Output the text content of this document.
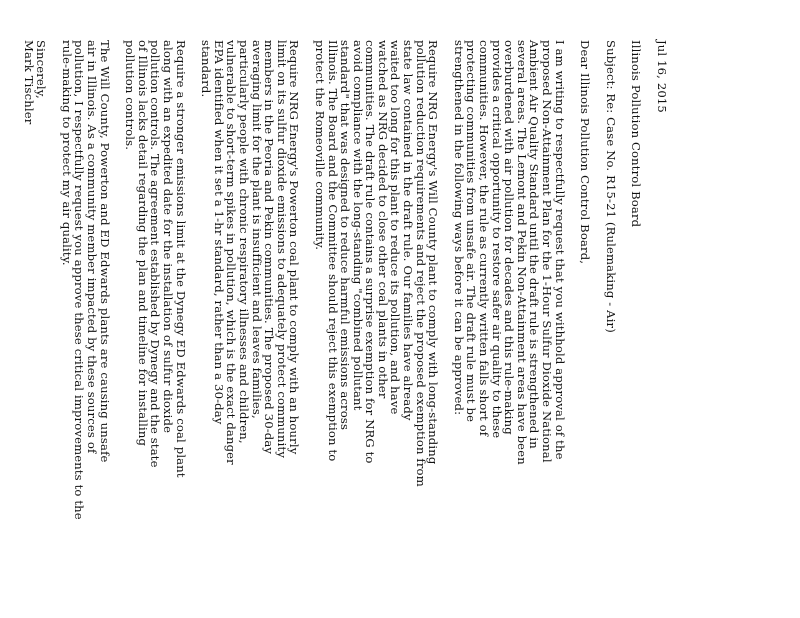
Jul 16, 2015
Illinois Pollution Control Board
Subject: Re: Case No. R15-21 (Rulemaking - Air)
Dear Illinois Pollution Control Board,
I am writing to respectfully request that you withhold approval of the
proposed Non-Attainment Plan for the 1-Hour Sulfur Dioxide National
Ambient Air Quality Standard until the draft rule is strengthened in
several areas. The Lemont and Pekin Non-Attainment areas have been
overburdened with air pollution for decades and this rule-making
provides a critical opportunity to restore safer air quality to these
communities. However, the rule as currently written falls short of
protecting communities from unsafe air. The draft rule must be
strengthened in the following ways before it can be approved:
Require NRG Energy's Will County plant to comply with long-standing
pollution reduction requirements and reject the proposed exemption from
state law contained in the draft rule. Our families have already
waited too long for this plant to reduce its pollution, and have
watched as NRG decided to close other coal plants in other
communities. The draft rule contains a surprise exemption for NRG to
avoid compliance with the long-standing "combined pollutant
standard" that was designed to reduce harmful emissions across
Illinois. The Board and the Committee should reject this exemption to
protect the Romeoville community.
Require NRG Energy's Powerton coal plant to comply with an hourly
limit on its sulfur dioxide emissions to adequately protect community
members in the Peoria and Pekin communities. The proposed 30-day
averaging limit for the plant is insufficient and leaves families,
particularly people with chronic respiratory illnesses and children,
vulnerable to short-term spikes in pollution, which is the exact danger
EPA identified when it set a 1-hr standard, rather than a 30-day
standard.
Require a stronger emissions limit at the Dynegy ED Edwards coal plant
along with an expedited date for the installation of sulfur dioxide
pollution controls. The agreement established by Dynegy and the state
of Illinois lacks detail regarding the plan and timeline for installing
pollution controls.
The Will County, Powerton and ED Edwards plants are causing unsafe
air in Illinois. As a community member impacted by these sources of
pollution, I respectfully request you approve these critical improvements to the
rule-making to protect my air quality.
Sincerely,
Mark Tischler
